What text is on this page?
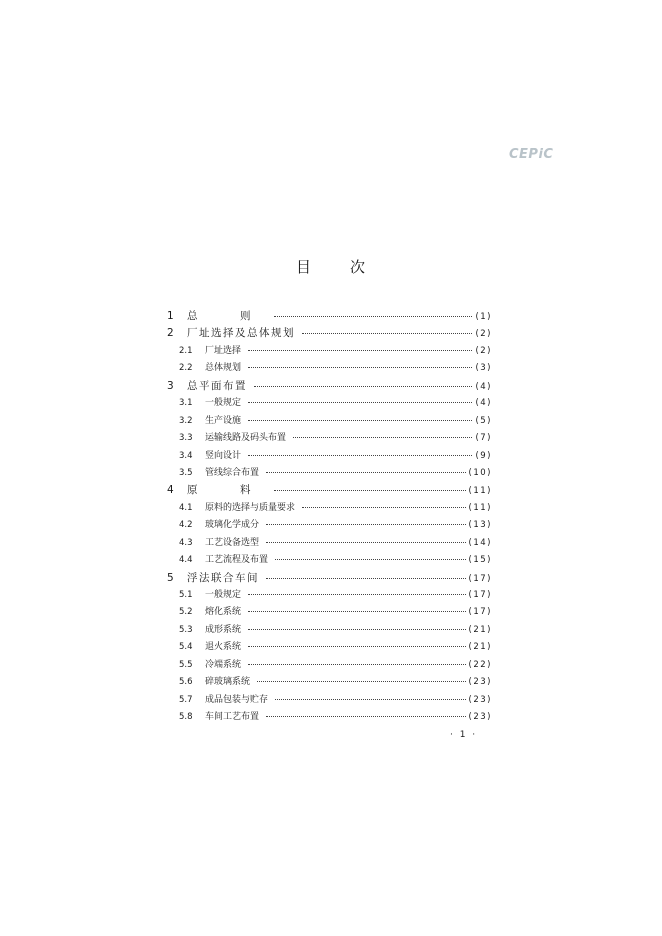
CEPiC
目	次
1	总　则	(1)
2	厂址选择及总体规划	(2)
2.1	厂址选择	(2)
2.2	总体规划	(3)
3	总平面布置	(4)
3.1	一般规定	(4)
3.2	生产设施	(5)
3.3	运输线路及码头布置	(7)
3.4	竖向设计	(9)
3.5	管线综合布置	(10)
4	原　料	(11)
4.1	原料的选择与质量要求	(11)
4.2	玻璃化学成分	(13)
4.3	工艺设备选型	(14)
4.4	工艺流程及布置	(15)
5	浮法联合车间	(17)
5.1	一般规定	(17)
5.2	熔化系统	(17)
5.3	成形系统	(21)
5.4	退火系统	(21)
5.5	冷端系统	(22)
5.6	碎玻璃系统	(23)
5.7	成品包装与贮存	(23)
5.8	车间工艺布置	(23)
· 1 ·
